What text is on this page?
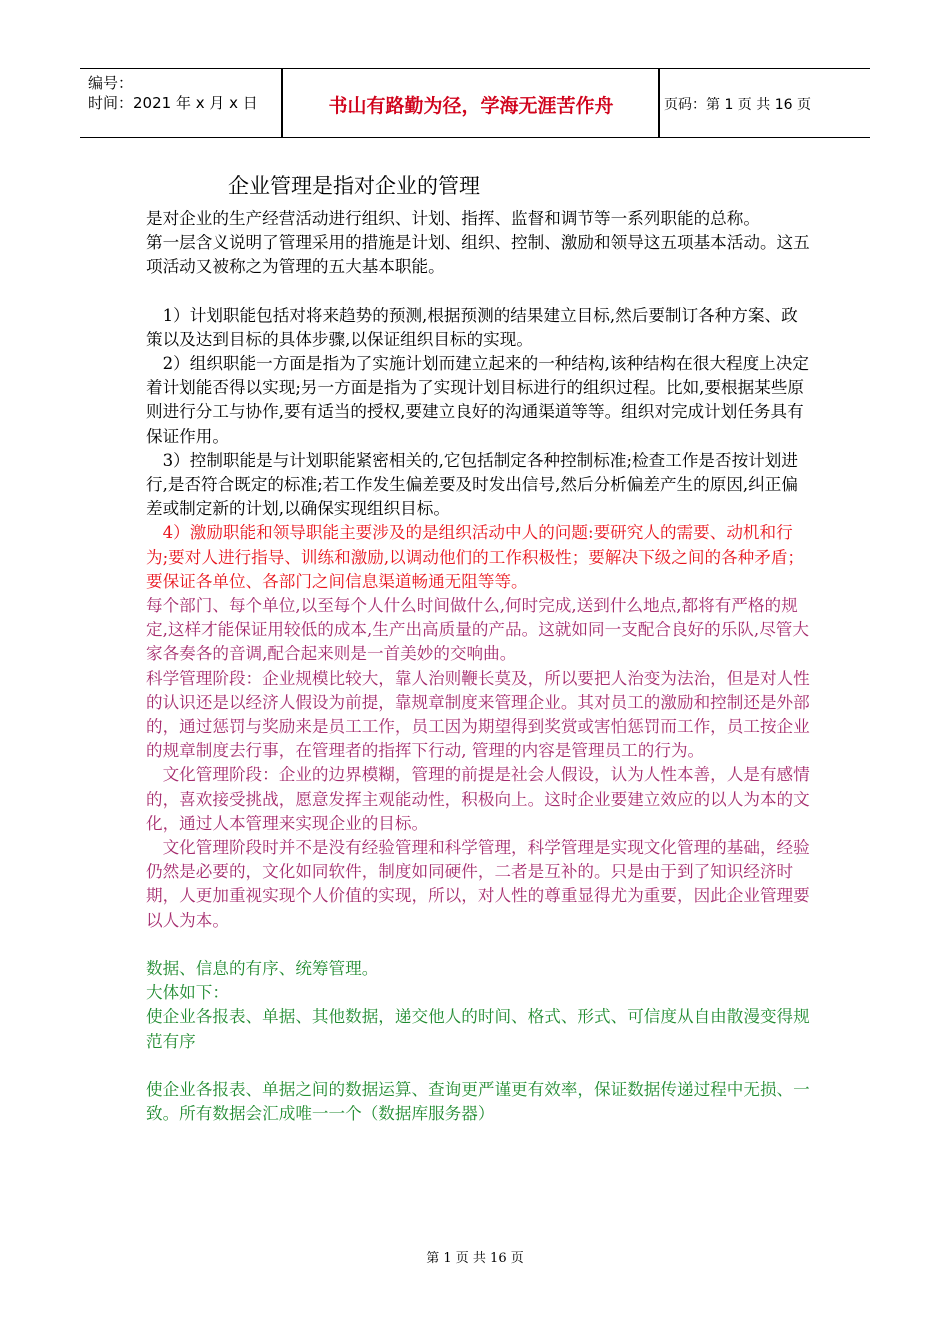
编号：
时间：2021 年 x 月 x 日	书山有路勤为径，学海无涯苦作舟	页码：第 1 页 共 16 页
企业管理是指对企业的管理

是对企业的生产经营活动进行组织、计划、指挥、监督和调节等一系列职能的总称。

第一层含义说明了管理采用的措施是计划、组织、控制、激励和领导这五项基本活动。这五项活动又被称之为管理的五大基本职能。

　1）计划职能包括对将来趋势的预测,根据预测的结果建立目标,然后要制订各种方案、政策以及达到目标的具体步骤,以保证组织目标的实现。

　2）组织职能一方面是指为了实施计划而建立起来的一种结构,该种结构在很大程度上决定着计划能否得以实现;另一方面是指为了实现计划目标进行的组织过程。比如,要根据某些原则进行分工与协作,要有适当的授权,要建立良好的沟通渠道等等。组织对完成计划任务具有保证作用。

　3）控制职能是与计划职能紧密相关的,它包括制定各种控制标准;检查工作是否按计划进行,是否符合既定的标准;若工作发生偏差要及时发出信号,然后分析偏差产生的原因,纠正偏差或制定新的计划,以确保实现组织目标。

　4）激励职能和领导职能主要涉及的是组织活动中人的问题:要研究人的需要、动机和行为;要对人进行指导、训练和激励,以调动他们的工作积极性；要解决下级之间的各种矛盾；要保证各单位、各部门之间信息渠道畅通无阻等等。

每个部门、每个单位,以至每个人什么时间做什么,何时完成,送到什么地点,都将有严格的规定,这样才能保证用较低的成本,生产出高质量的产品。这就如同一支配合良好的乐队,尽管大家各奏各的音调,配合起来则是一首美妙的交响曲。

科学管理阶段：企业规模比较大，靠人治则鞭长莫及，所以要把人治变为法治，但是对人性的认识还是以经济人假设为前提，靠规章制度来管理企业。其对员工的激励和控制还是外部的，通过惩罚与奖励来是员工工作，员工因为期望得到奖赏或害怕惩罚而工作，员工按企业的规章制度去行事，在管理者的指挥下行动, 管理的内容是管理员工的行为。

　文化管理阶段：企业的边界模糊，管理的前提是社会人假设，认为人性本善，人是有感情的，喜欢接受挑战，愿意发挥主观能动性，积极向上。这时企业要建立效应的以人为本的文化，通过人本管理来实现企业的目标。

　文化管理阶段时并不是没有经验管理和科学管理，科学管理是实现文化管理的基础，经验仍然是必要的，文化如同软件，制度如同硬件，二者是互补的。只是由于到了知识经济时期，人更加重视实现个人价值的实现，所以，对人性的尊重显得尤为重要，因此企业管理要以人为本。

数据、信息的有序、统筹管理。

大体如下：

使企业各报表、单据、其他数据，递交他人的时间、格式、形式、可信度从自由散漫变得规范有序

使企业各报表、单据之间的数据运算、查询更严谨更有效率，保证数据传递过程中无损、一致。所有数据会汇成唯一一个（数据库服务器）

第 1 页 共 16 页
